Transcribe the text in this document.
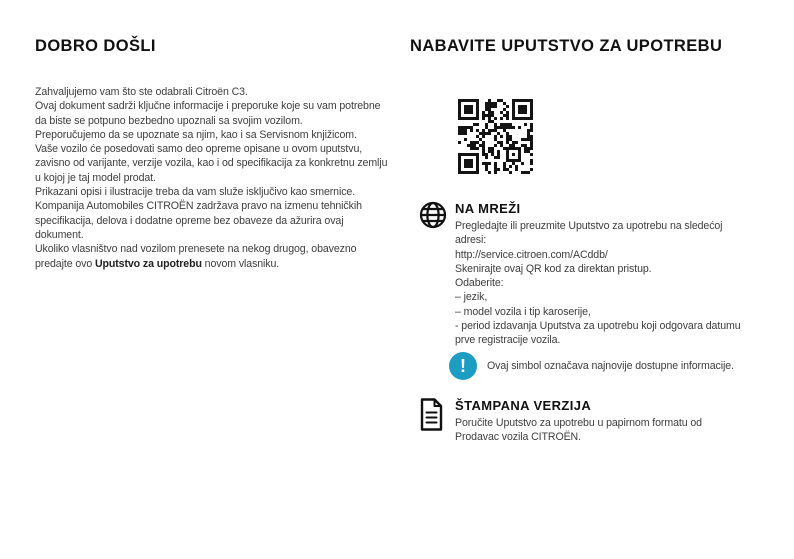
DOBRO DOŠLI
Zahvaljujemo vam što ste odabrali Citroën C3.
Ovaj dokument sadrži ključne informacije i preporuke koje su vam potrebne
da biste se potpuno bezbedno upoznali sa svojim vozilom.
Preporučujemo da se upoznate sa njim, kao i sa Servisnom knjižicom.
Vaše vozilo će posedovati samo deo opreme opisane u ovom uputstvu,
zavisno od varijante, verzije vozila, kao i od specifikacija za konkretnu zemlju
u kojoj je taj model prodat.
Prikazani opisi i ilustracije treba da vam služe isključivo kao smernice.
Kompanija Automobiles CITROËN zadržava pravo na izmenu tehničkih
specifikacija, delova i dodatne opreme bez obaveze da ažurira ovaj
dokument.
Ukoliko vlasništvo nad vozilom prenesete na nekog drugog, obavezno
predajte ovo Uputstvo za upotrebu novom vlasniku.
NABAVITE UPUTSTVO ZA UPOTREBU
NA MREŽI
Pregledajte ili preuzmite Uputstvo za upotrebu na sledećoj
adresi:
http://service.citroen.com/ACddb/
Skenirajte ovaj QR kod za direktan pristup.
Odaberite:
– jezik,
– model vozila i tip karoserije,
- period izdavanja Uputstva za upotrebu koji odgovara datumu
prve registracije vozila.
!	Ovaj simbol označava najnovije dostupne informacije.
ŠTAMPANA VERZIJA
Poručite Uputstvo za upotrebu u papirnom formatu od
Prodavac vozila CITROËN.
